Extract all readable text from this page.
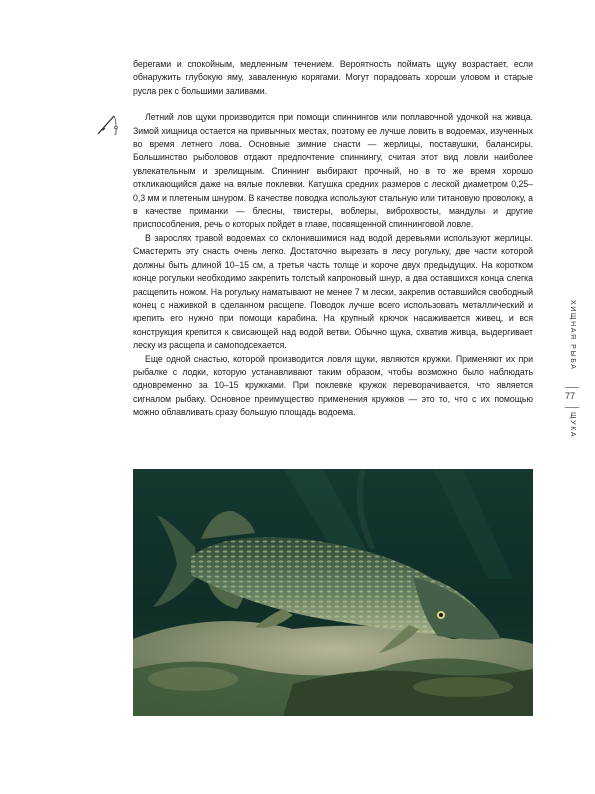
берегами и спокойным, медленным течением. Вероятность поймать щуку возрастает, если обнаружить глубокую яму, заваленную корягами. Могут порадовать хороши уловом и старые русла рек с большими заливами.

Летний лов щуки производится при помощи спиннингов или поплавочной удочкой на живца. Зимой хищница остается на привычных местах, поэтому ее лучше ловить в водоемах, изученных во время летнего лова. Основные зимние снасти — жерлицы, поставушки, балансиры. Большинство рыболовов отдают предпочтение спиннингу, считая этот вид ловли наиболее увлекательным и зрелищным. Спиннинг выбирают прочный, но в то же время хорошо откликающийся даже на вялые поклевки. Катушка средних размеров с леской диаметром 0,25–0,3 мм и плетеным шнуром. В качестве поводка используют стальную или титановую проволоку, а в качестве приманки — блесны, твистеры, воблеры, виброхвосты, мандулы и другие приспособления, речь о которых пойдет в главе, посвященной спиннинговой ловле.

В зарослях травой водоемах со склонившимися над водой деревьями используют жерлицы. Смастерить эту снасть очень легко. Достаточно вырезать в лесу рогульку, две части которой должны быть длиной 10–15 см, а третья часть толще и короче двух предыдущих. На коротком конце рогульки необходимо закрепить толстый капроновый шнур, а два оставшихся конца слегка расщепить ножом. На рогульку наматывают не менее 7 м лески, закрепив оставшийся свободный конец с наживкой в сделанном расщепе. Поводок лучше всего использовать металлический и крепить его нужно при помощи карабина. На крупный крючок насаживается живец, и вся конструкция крепится к свисающей над водой ветви. Обычно щука, схватив живца, выдергивает леску из расщепа и самоподсекается.

Еще одной снастью, которой производится ловля щуки, являются кружки. Применяют их при рыбалке с лодки, которую устанавливают таким образом, чтобы возможно было наблюдать одновременно за 10–15 кружками. При поклевке кружок переворачивается, что является сигналом рыбаку. Основное преимущество применения кружков — это то, что с их помощью можно облавливать сразу большую площадь водоема.

ХИЩНАЯ РЫБА
77
ЩУКА
